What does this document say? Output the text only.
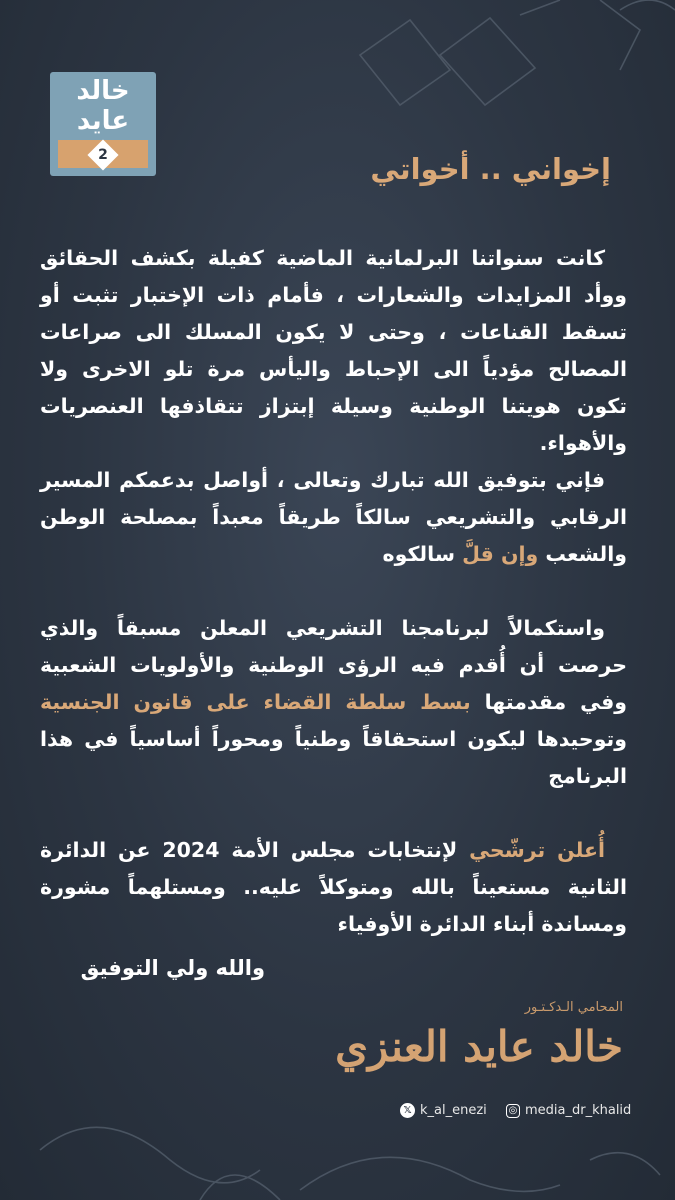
خالد
عايد
2	إخواني .. أخواتي

كانت سنواتنا البرلمانية الماضية كفيلة بكشف الحقائق ووأد المزايدات والشعارات ، فأمام ذات الإختبار تثبت أو تسقط القناعات ، وحتى لا يكون المسلك الى صراعات المصالح مؤدياً الى الإحباط واليأس مرة تلو الاخرى ولا تكون هويتنا الوطنية وسيلة إبتزاز تتقاذفها العنصريات والأهواء.

فإني بتوفيق الله تبارك وتعالى ، أواصل بدعمكم المسير الرقابي والتشريعي سالكاً طريقاً معبداً بمصلحة الوطن والشعب وإن قلَّ سالكوه

واستكمالاً لبرنامجنا التشريعي المعلن مسبقاً والذي حرصت أن أُقدم فيه الرؤى الوطنية والأولويات الشعبية وفي مقدمتها بسط سلطة القضاء على قانون الجنسية وتوحيدها ليكون استحقاقاً وطنياً ومحوراً أساسياً في هذا البرنامج

أُعلن ترشّحي لإنتخابات مجلس الأمة 2024 عن الدائرة الثانية مستعيناً بالله ومتوكلاً عليه.. ومستلهماً مشورة ومساندة أبناء الدائرة الأوفياء

والله ولي التوفيق
المحامي الـدكـتـور
خالد عايد العنزي
𝕏 k_al_enezi ◎ media_dr_khalid
